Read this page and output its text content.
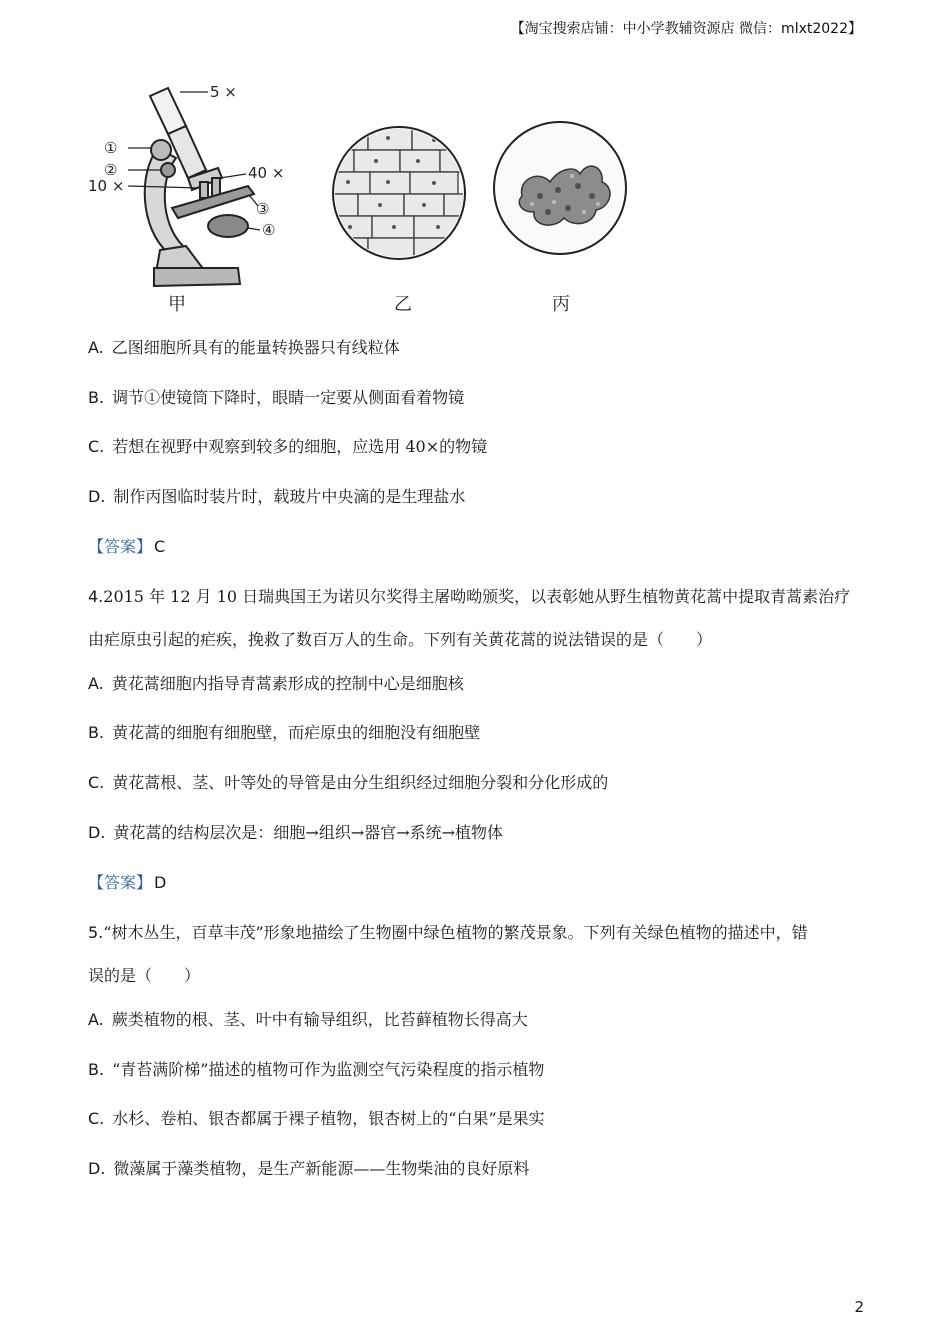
【淘宝搜索店铺：中小学教辅资源店 微信：mlxt2022】
5 ×
①
②
10 ×
40 ×
③
④
甲	乙	丙
A. 乙图细胞所具有的能量转换器只有线粒体
B. 调节①使镜筒下降时，眼睛一定要从侧面看着物镜
C. 若想在视野中观察到较多的细胞，应选用 40×的物镜
D. 制作丙图临时装片时，载玻片中央滴的是生理盐水
【答案】 C
4.2015 年 12 月 10 日瑞典国王为诺贝尔奖得主屠呦呦颁奖，以表彰她从野生植物黄花蒿中提取青蒿素治疗
由疟原虫引起的疟疾，挽救了数百万人的生命。下列有关黄花蒿的说法错误的是（　　）
A. 黄花蒿细胞内指导青蒿素形成的控制中心是细胞核
B. 黄花蒿的细胞有细胞壁，而疟原虫的细胞没有细胞壁
C. 黄花蒿根、茎、叶等处的导管是由分生组织经过细胞分裂和分化形成的
D. 黄花蒿的结构层次是：细胞→组织→器官→系统→植物体
【答案】 D
5.“树木丛生，百草丰茂”形象地描绘了生物圈中绿色植物的繁茂景象。下列有关绿色植物的描述中，错
误的是（　　）
A. 蕨类植物的根、茎、叶中有输导组织，比苔藓植物长得高大
B. “青苔满阶梯”描述的植物可作为监测空气污染程度的指示植物
C. 水杉、卷柏、银杏都属于裸子植物，银杏树上的“白果”是果实
D. 微藻属于藻类植物，是生产新能源——生物柴油的良好原料
2
